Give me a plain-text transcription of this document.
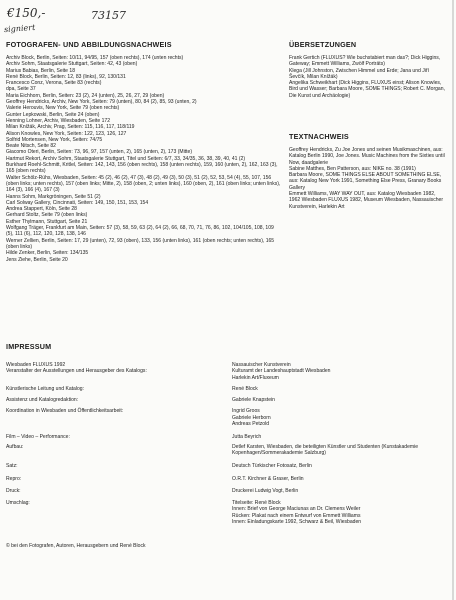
€150,-	73157
signiert
FOTOGRAFEN- UND ABBILDUNGSNACHWEIS

Archiv Block, Berlin, Seiten: 10/11, 94/95, 157 (oben rechts), 174 (unten rechts)

Archiv Sohm, Staatsgalerie Stuttgart, Seiten: 42, 43 (oben)

Marius Babias, Berlin, Seite 18

René Block, Berlin, Seiten: 12, 83 (links), 92, 130/131

Francesco Conz, Verona, Seite 83 (rechts)

dpa, Seite 37

Maria Eichhorn, Berlin, Seiten: 23 (2), 24 (unten), 25, 26, 27, 29 (oben)

Geoffrey Hendricks, Archiv, New York, Seiten: 79 (unten), 80, 84 (2), 85, 93 (unten, 2)

Valerie Herouvis, New York, Seite 79 (oben rechts)

Gunter Lepkowski, Berlin, Seite 24 (oben)

Henning Lohner, Archiv, Wiesbaden, Seite 172

Milan Knížák, Archiv, Prag, Seiten: 115, 116, 117, 118/119

Alison Knowles, New York, Seiten: 122, 123, 126, 127

Solfrid Mortensen, New York, Seiten: 74/75

Beate Nitsch, Seite 82

Giacomo Oteri, Berlin, Seiten: 73, 96, 97, 157 (unten, 2), 165 (unten, 2), 173 (Mitte)

Hartmut Rekort, Archiv Sohm, Staatsgalerie Stuttgart, Titel und Seiten: 6/7, 33, 34/35, 36, 38, 39, 40, 41 (2)

Burkhard Roehl-Schmitt, Kritlel, Seiten: 142, 143, 156 (oben rechts), 158 (unten rechts), 159, 160 (unten, 2), 162, 163 (3), 165 (oben rechts)

Walter Schölz-Rühs, Wiesbaden, Seiten: 45 (2), 46 (2), 47 (3), 48 (2), 49 (3), 50 (3), 51 (2), 52, 53, 54 (4), 55, 107, 156 (oben links; unten rechts), 157 (oben links; Mitte, 2), 158 (oben, 2; unten links), 160 (oben, 2), 161 (oben links; unten links), 164 (3), 166 (4), 167 (3)

Hanns Sohm, Markgröningen, Seite 51 (2)

Carl Solway Gallery, Cincinnati, Seiten: 149, 150, 151, 153, 154

Andrea Stappert, Köln, Seite 28

Gerhard Stoltz, Seite 79 (oben links)

Esther Thylmann, Stuttgart, Seite 21

Wolfgang Träger, Frankfurt am Main, Seiten: 57 (3), 58, 59, 63 (2), 64 (2), 66, 68, 70, 71, 76, 86, 102, 104/105, 108, 109 (5), 111 (6), 112, 120, 128, 138, 146

Werner Zellien, Berlin, Seiten: 17, 29 (unten), 72, 93 (oben), 133, 156 (unten links), 161 (oben rechts; unten rechts), 165 (oben links)

Hilde Zenker, Berlin, Seiten: 134/135

Jens Ziehe, Berlin, Seite 20

ÜBERSETZUNGEN

Frank Gertich (FLUXUS? Wie buchstabiert man das?; Dick Higgins, Gateway; Emmett Williams, Zwölf Porträts)

Klega (Jill Johnston, Zwischen Himmel und Erde; Jana und Jiří Ševčík, Milan Knížák)

Angelika Schweikhart (Dick Higgins, FLUXUS einst; Alison Knowles, Bird und Wasser; Barbara Moore, SOME THINGS; Robert C. Morgan, Die Kunst und Archäologie)

TEXTNACHWEIS

Geoffrey Hendricks, Zu Joe Jones und seinen Musikmaschinen, aus: Katalog Berlin 1990, Joe Jones. Music Machines from the Sixties until Now, daadgalerie

Sabine Matthes, Ben Patterson, aus: NIKE no. 38 (1991)

Barbara Moore, SOME THINGS ELSE ABOUT SOMETHING ELSE, aus: Katalog New York 1991, Something Else Press, Granary Books Gallery

Emmett Williams, WAY WAY OUT, aus: Katalog Wiesbaden 1982, 1962 Wiesbaden FLUXUS 1982, Museum Wiesbaden, Nassauischer Kunstverein, Harlekin Art

IMPRESSUM
Wiesbaden FLUXUS 1992
Veranstalter der Ausstellungen und Herausgeber des Katalogs:	Nassauischer Kunstverein
Kulturamt der Landeshauptstadt Wiesbaden
Harlekin Art/Fluxeum

Künstlerische Leitung und Katalog:	René Block

Assistenz und Katalogredaktion:	Gabriele Knapstein

Koordination in Wiesbaden und Öffentlichkeitsarbeit:	Ingrid Groos
Gabriele Herborn
Andreas Petzold

Film – Video – Performance:	Jutta Beyrich

Aufbau:	Detlef Karsten, Wiesbaden, die beteiligten Künstler und Studenten (Kunstakademie Kopenhagen/Sommerakademie Salzburg)

Satz:	Deutsch Türkischer Fotosatz, Berlin

Repro:	O.R.T. Kirchner & Graser, Berlin

Druck:	Druckerei Ludwig Vogt, Berlin

Umschlag:	Titelseite: René Block
Innen: Brief von George Maciunas an Dr. Clemens Weiler
Rücken: Plakat nach einem Entwurf von Emmett Williams
Innen: Einladungskarte 1992, Schwarz & Beil, Wiesbaden
© bei den Fotografen, Autoren, Herausgebern und René Block
